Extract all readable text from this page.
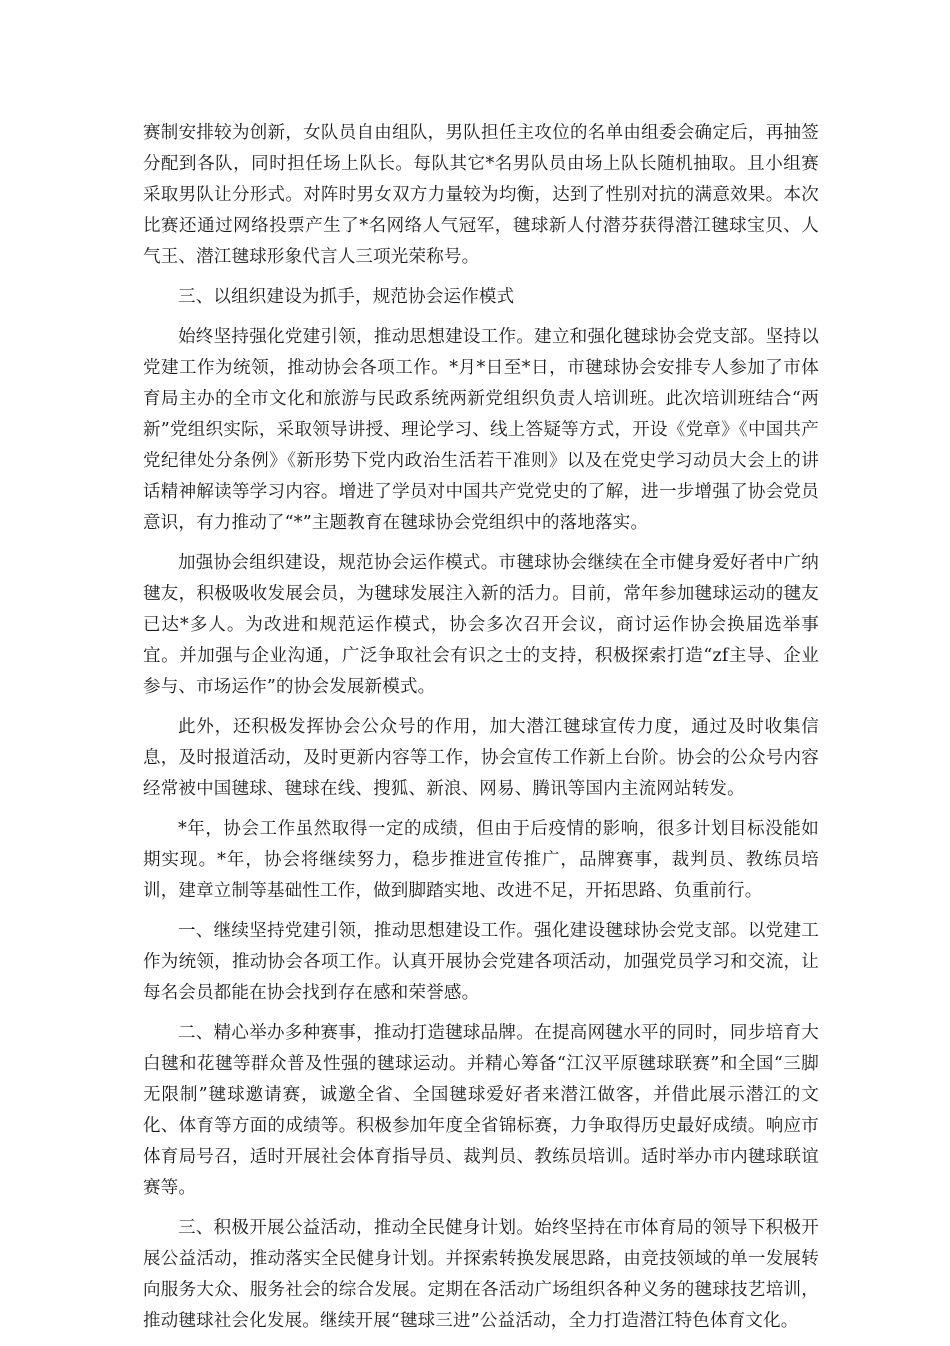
赛制安排较为创新，女队员自由组队，男队担任主攻位的名单由组委会确定后，再抽签分配到各队，同时担任场上队长。每队其它*名男队员由场上队长随机抽取。且小组赛采取男队让分形式。对阵时男女双方力量较为均衡，达到了性别对抗的满意效果。本次比赛还通过网络投票产生了*名网络人气冠军，毽球新人付潜芬获得潜江毽球宝贝、人气王、潜江毽球形象代言人三项光荣称号。

三、以组织建设为抓手，规范协会运作模式

始终坚持强化党建引领，推动思想建设工作。建立和强化毽球协会党支部。坚持以党建工作为统领，推动协会各项工作。*月*日至*日，市毽球协会安排专人参加了市体育局主办的全市文化和旅游与民政系统两新党组织负责人培训班。此次培训班结合“两新”党组织实际，采取领导讲授、理论学习、线上答疑等方式，开设《党章》《中国共产党纪律处分条例》《新形势下党内政治生活若干准则》以及在党史学习动员大会上的讲话精神解读等学习内容。增进了学员对中国共产党党史的了解，进一步增强了协会党员意识，有力推动了“*”主题教育在毽球协会党组织中的落地落实。

加强协会组织建设，规范协会运作模式。市毽球协会继续在全市健身爱好者中广纳毽友，积极吸收发展会员，为毽球发展注入新的活力。目前，常年参加毽球运动的毽友已达*多人。为改进和规范运作模式，协会多次召开会议，商讨运作协会换届选举事宜。并加强与企业沟通，广泛争取社会有识之士的支持，积极探索打造“zf主导、企业参与、市场运作”的协会发展新模式。

此外，还积极发挥协会公众号的作用，加大潜江毽球宣传力度，通过及时收集信息，及时报道活动，及时更新内容等工作，协会宣传工作新上台阶。协会的公众号内容经常被中国毽球、毽球在线、搜狐、新浪、网易、腾讯等国内主流网站转发。

*年，协会工作虽然取得一定的成绩，但由于后疫情的影响，很多计划目标没能如期实现。*年，协会将继续努力，稳步推进宣传推广，品牌赛事，裁判员、教练员培训，建章立制等基础性工作，做到脚踏实地、改进不足，开拓思路、负重前行。

一、继续坚持党建引领，推动思想建设工作。强化建设毽球协会党支部。以党建工作为统领，推动协会各项工作。认真开展协会党建各项活动，加强党员学习和交流，让每名会员都能在协会找到存在感和荣誉感。

二、精心举办多种赛事，推动打造毽球品牌。在提高网毽水平的同时，同步培育大白毽和花毽等群众普及性强的毽球运动。并精心筹备“江汉平原毽球联赛”和全国“三脚无限制”毽球邀请赛，诚邀全省、全国毽球爱好者来潜江做客，并借此展示潜江的文化、体育等方面的成绩等。积极参加年度全省锦标赛，力争取得历史最好成绩。响应市体育局号召，适时开展社会体育指导员、裁判员、教练员培训。适时举办市内毽球联谊赛等。

三、积极开展公益活动，推动全民健身计划。始终坚持在市体育局的领导下积极开展公益活动，推动落实全民健身计划。并探索转换发展思路，由竞技领域的单一发展转向服务大众、服务社会的综合发展。定期在各活动广场组织各种义务的毽球技艺培训，推动毽球社会化发展。继续开展“毽球三进”公益活动，全力打造潜江特色体育文化。
